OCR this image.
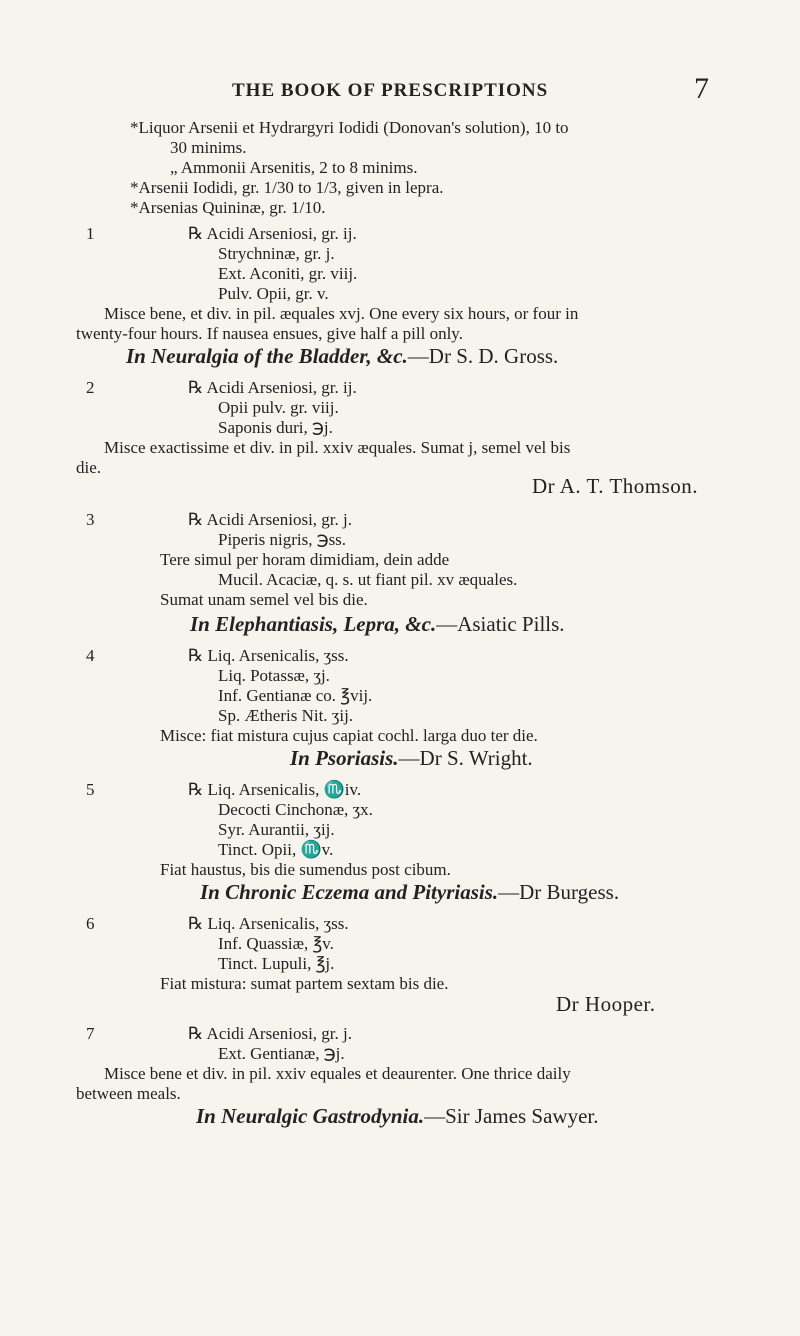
THE BOOK OF PRESCRIPTIONS	7
*Liquor Arsenii et Hydrargyri Iodidi (Donovan's solution), 10 to
30 minims.
„ Ammonii Arsenitis, 2 to 8 minims.
*Arsenii Iodidi, gr. 1/30 to 1/3, given in lepra.
*Arsenias Quininæ, gr. 1/10.
1	℞ Acidi Arseniosi, gr. ij.
Strychninæ, gr. j.
Ext. Aconiti, gr. viij.
Pulv. Opii, gr. v.
Misce bene, et div. in pil. æquales xvj. One every six hours, or four in
twenty-four hours. If nausea ensues, give half a pill only.
In Neuralgia of the Bladder, &c.—Dr S. D. Gross.
2	℞ Acidi Arseniosi, gr. ij.
Opii pulv. gr. viij.
Saponis duri, ℈j.
Misce exactissime et div. in pil. xxiv æquales. Sumat j, semel vel bis
die.
Dr A. T. Thomson.
3	℞ Acidi Arseniosi, gr. j.
Piperis nigris, ℈ss.
Tere simul per horam dimidiam, dein adde
Mucil. Acaciæ, q. s. ut fiant pil. xv æquales.
Sumat unam semel vel bis die.
In Elephantiasis, Lepra, &c.—Asiatic Pills.
4	℞ Liq. Arsenicalis, ʒss.
Liq. Potassæ, ʒj.
Inf. Gentianæ co. ℥vij.
Sp. Ætheris Nit. ʒij.
Misce: fiat mistura cujus capiat cochl. larga duo ter die.
In Psoriasis.—Dr S. Wright.
5	℞ Liq. Arsenicalis, ♏iv.
Decocti Cinchonæ, ʒx.
Syr. Aurantii, ʒij.
Tinct. Opii, ♏v.
Fiat haustus, bis die sumendus post cibum.
In Chronic Eczema and Pityriasis.—Dr Burgess.
6	℞ Liq. Arsenicalis, ʒss.
Inf. Quassiæ, ℥v.
Tinct. Lupuli, ℥j.
Fiat mistura: sumat partem sextam bis die.
Dr Hooper.
7	℞ Acidi Arseniosi, gr. j.
Ext. Gentianæ, ℈j.
Misce bene et div. in pil. xxiv equales et deaurenter. One thrice daily
between meals.
In Neuralgic Gastrodynia.—Sir James Sawyer.
